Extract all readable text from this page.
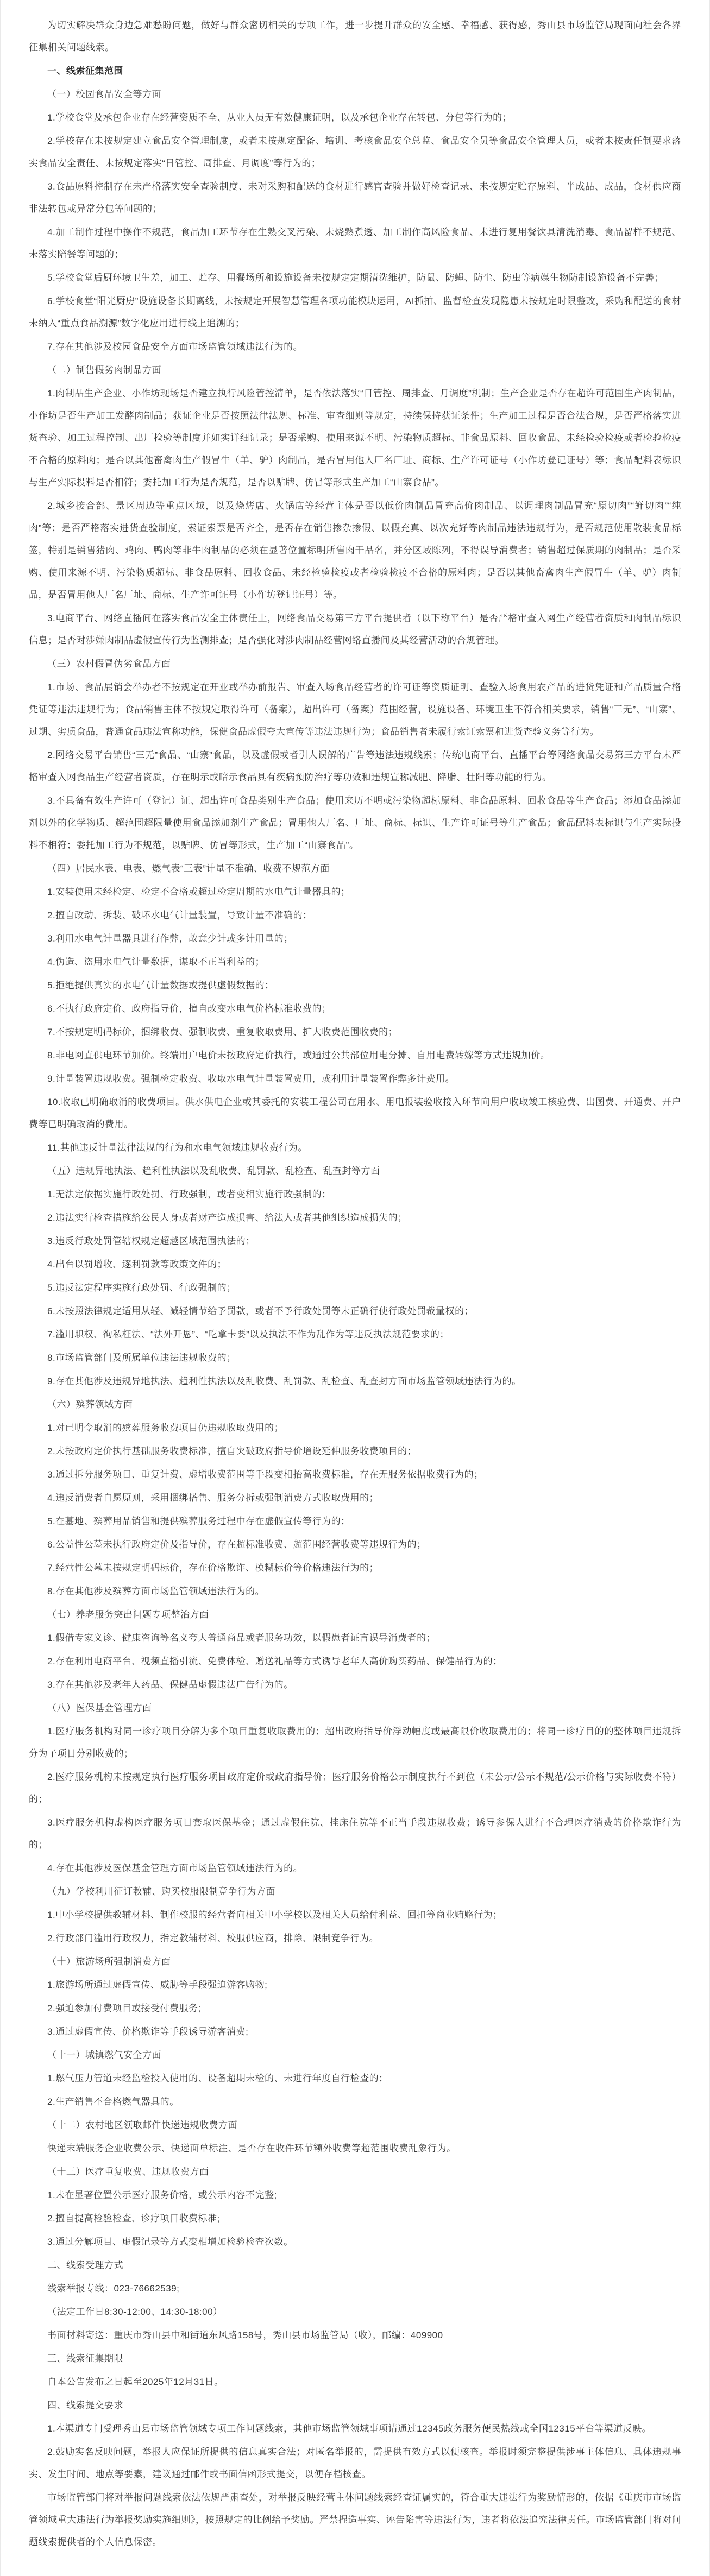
为切实解决群众身边急难愁盼问题，做好与群众密切相关的专项工作，进一步提升群众的安全感、幸福感、获得感，秀山县市场监管局现面向社会各界征集相关问题线索。

一、线索征集范围

（一）校园食品安全等方面

1.学校食堂及承包企业存在经营资质不全、从业人员无有效健康证明，以及承包企业存在转包、分包等行为的；

2.学校存在未按规定建立食品安全管理制度，或者未按规定配备、培训、考核食品安全总监、食品安全员等食品安全管理人员，或者未按责任制要求落实食品安全责任、未按规定落实“日管控、周排查、月调度”等行为的；

3.食品原料控制存在未严格落实安全查验制度、未对采购和配送的食材进行感官查验并做好检查记录、未按规定贮存原料、半成品、成品，食材供应商非法转包或异常分包等问题的；

4.加工制作过程中操作不规范，食品加工环节存在生熟交叉污染、未烧熟煮透、加工制作高风险食品、未进行复用餐饮具清洗消毒、食品留样不规范、未落实陪餐等问题的；

5.学校食堂后厨环境卫生差，加工、贮存、用餐场所和设施设备未按规定定期清洗维护，防鼠、防蝇、防尘、防虫等病媒生物防制设施设备不完善；

6.学校食堂“阳光厨房”设施设备长期离线，未按规定开展智慧管理各项功能模块运用，AI抓拍、监督检查发现隐患未按规定时限整改，采购和配送的食材未纳入“重点食品溯源”数字化应用进行线上追溯的；

7.存在其他涉及校园食品安全方面市场监管领域违法行为的。

（二）制售假劣肉制品方面

1.肉制品生产企业、小作坊现场是否建立执行风险管控清单，是否依法落实“日管控、周排查、月调度”机制；生产企业是否存在超许可范围生产肉制品，小作坊是否生产加工发酵肉制品；获证企业是否按照法律法规、标准、审查细则等规定，持续保持获证条件；生产加工过程是否合法合规，是否严格落实进货查验、加工过程控制、出厂检验等制度并如实详细记录；是否采购、使用来源不明、污染物质超标、非食品原料、回收食品、未经检验检疫或者检验检疫不合格的原料肉；是否以其他畜禽肉生产假冒牛（羊、驴）肉制品，是否冒用他人厂名厂址、商标、生产许可证号（小作坊登记证号）等；食品配料表标识与生产实际投料是否相符；委托加工行为是否规范，是否以贴牌、仿冒等形式生产加工“山寨食品”。

2.城乡接合部、景区周边等重点区域，以及烧烤店、火锅店等经营主体是否以低价肉制品冒充高价肉制品、以调理肉制品冒充“原切肉”“鲜切肉”“纯肉”等；是否严格落实进货查验制度，索证索票是否齐全，是否存在销售掺杂掺假、以假充真、以次充好等肉制品违法违规行为，是否规范使用散装食品标签，特别是销售猪肉、鸡肉、鸭肉等非牛肉制品的必须在显著位置标明所售肉干品名，并分区域陈列，不得误导消费者；销售超过保质期的肉制品；是否采购、使用来源不明、污染物质超标、非食品原料、回收食品、未经检验检疫或者检验检疫不合格的原料肉；是否以其他畜禽肉生产假冒牛（羊、驴）肉制品，是否冒用他人厂名厂址、商标、生产许可证号（小作坊登记证号）等。

3.电商平台、网络直播间在落实食品安全主体责任上，网络食品交易第三方平台提供者（以下称平台）是否严格审查入网生产经营者资质和肉制品标识信息；是否对涉嫌肉制品虚假宣传行为监测排查；是否强化对涉肉制品经营网络直播间及其经营活动的合规管理。

（三）农村假冒伪劣食品方面

1.市场、食品展销会举办者不按规定在开业或举办前报告、审查入场食品经营者的许可证等资质证明、查验入场食用农产品的进货凭证和产品质量合格凭证等违法违规行为；食品销售主体不按规定取得许可（备案），超出许可（备案）范围经营，设施设备、环境卫生不符合相关要求，销售“三无”、“山寨”、过期、劣质食品，普通食品违法宣称功能，保健食品虚假夸大宣传等违法违规行为；食品销售者未履行索证索票和进货查验义务等行为。

2.网络交易平台销售“三无”食品、“山寨”食品，以及虚假或者引人误解的广告等违法违规线索；传统电商平台、直播平台等网络食品交易第三方平台未严格审查入网食品生产经营者资质，存在明示或暗示食品具有疾病预防治疗等功效和违规宣称减肥、降脂、壮阳等功能的行为。

3.不具备有效生产许可（登记）证、超出许可食品类别生产食品；使用来历不明或污染物超标原料、非食品原料、回收食品等生产食品；添加食品添加剂以外的化学物质、超范围超限量使用食品添加剂生产食品；冒用他人厂名、厂址、商标、标识、生产许可证号等生产食品；食品配料表标识与生产实际投料不相符；委托加工行为不规范，以贴牌、仿冒等形式，生产加工“山寨食品”。

（四）居民水表、电表、燃气表“三表”计量不准确、收费不规范方面

1.安装使用未经检定、检定不合格或超过检定周期的水电气计量器具的；

2.擅自改动、拆装、破坏水电气计量装置，导致计量不准确的；

3.利用水电气计量器具进行作弊，故意少计或多计用量的；

4.伪造、盗用水电气计量数据，谋取不正当利益的；

5.拒绝提供真实的水电气计量数据或提供虚假数据的；

6.不执行政府定价、政府指导价，擅自改变水电气价格标准收费的；

7.不按规定明码标价，捆绑收费、强制收费、重复收取费用、扩大收费范围收费的；

8.非电网直供电环节加价。终端用户电价未按政府定价执行，或通过公共部位用电分摊、自用电费转嫁等方式违规加价。

9.计量装置违规收费。强制检定收费、收取水电气计量装置费用，或利用计量装置作弊多计费用。

10.收取已明确取消的收费项目。供水供电企业或其委托的安装工程公司在用水、用电报装验收接入环节向用户收取竣工核验费、出图费、开通费、开户费等已明确取消的费用。

11.其他违反计量法律法规的行为和水电气领域违规收费行为。

（五）违规异地执法、趋利性执法以及乱收费、乱罚款、乱检查、乱查封等方面

1.无法定依据实施行政处罚、行政强制，或者变相实施行政强制的；

2.违法实行检查措施给公民人身或者财产造成损害、给法人或者其他组织造成损失的；

3.违反行政处罚管辖权规定超越区域范围执法的；

4.出台以罚增收、逐利罚款等政策文件的；

5.违反法定程序实施行政处罚、行政强制的；

6.未按照法律规定适用从轻、减轻情节给予罚款，或者不予行政处罚等未正确行使行政处罚裁量权的；

7.滥用职权、徇私枉法、“法外开恩”、“吃拿卡要”以及执法不作为乱作为等违反执法规范要求的；

8.市场监管部门及所属单位违法违规收费的；

9.存在其他涉及违规异地执法、趋利性执法以及乱收费、乱罚款、乱检查、乱查封方面市场监管领域违法行为的。

（六）殡葬领域方面

1.对已明令取消的殡葬服务收费项目仍违规收取费用的；

2.未按政府定价执行基础服务收费标准，擅自突破政府指导价增设延伸服务收费项目的；

3.通过拆分服务项目、重复计费、虚增收费范围等手段变相抬高收费标准，存在无服务依据收费行为的；

4.违反消费者自愿原则，采用捆绑搭售、服务分拆或强制消费方式收取费用的；

5.在墓地、殡葬用品销售和提供殡葬服务过程中存在虚假宣传等行为的；

6.公益性公墓未执行政府定价及指导价，存在超标准收费、超范围经营收费等违规行为的；

7.经营性公墓未按规定明码标价，存在价格欺诈、模糊标价等价格违法行为的；

8.存在其他涉及殡葬方面市场监管领域违法行为的。

（七）养老服务突出问题专项整治方面

1.假借专家义诊、健康咨询等名义夸大普通商品或者服务功效，以假患者证言误导消费者的；

2.存在利用电商平台、视频直播引流、免费体检、赠送礼品等方式诱导老年人高价购买药品、保健品行为的；

3.存在其他涉及老年人药品、保健品虚假违法广告行为的。

（八）医保基金管理方面

1.医疗服务机构对同一诊疗项目分解为多个项目重复收取费用的；超出政府指导价浮动幅度或最高限价收取费用的；将同一诊疗目的的整体项目违规拆分为子项目分别收费的；

2.医疗服务机构未按规定执行医疗服务项目政府定价或政府指导价；医疗服务价格公示制度执行不到位（未公示/公示不规范/公示价格与实际收费不符）的；

3.医疗服务机构虚构医疗服务项目套取医保基金；通过虚假住院、挂床住院等不正当手段违规收费；诱导参保人进行不合理医疗消费的价格欺诈行为的；

4.存在其他涉及医保基金管理方面市场监管领域违法行为的。

（九）学校利用征订教辅、购买校服限制竞争行为方面

1.中小学校提供教辅材料、制作校服的经营者向相关中小学校以及相关人员给付利益、回扣等商业贿赂行为；

2.行政部门滥用行政权力，指定教辅材料、校服供应商，排除、限制竞争行为。

（十）旅游场所强制消费方面

1.旅游场所通过虚假宣传、威胁等手段强迫游客购物;

2.强迫参加付费项目或接受付费服务;

3.通过虚假宣传、价格欺诈等手段诱导游客消费;

（十一）城镇燃气安全方面

1.燃气压力管道未经监检投入使用的、设备超期未检的、未进行年度自行检查的；

2.生产销售不合格燃气器具的。

（十二）农村地区领取邮件快递违规收费方面

快递末端服务企业收费公示、快递面单标注、是否存在收件环节额外收费等超范围收费乱象行为。

（十三）医疗重复收费、违规收费方面

1.未在显著位置公示医疗服务价格，或公示内容不完整;

2.擅自提高检验检查、诊疗项目收费标准;

3.通过分解项目、虚假记录等方式变相增加检验检查次数。

二、线索受理方式

线索举报专线：023-76662539;

（法定工作日8:30-12:00、14:30-18:00）

书面材料寄送：重庆市秀山县中和街道东风路158号，秀山县市场监管局（收），邮编：409900

三、线索征集期限

自本公告发布之日起至2025年12月31日。

四、线索提交要求

1.本渠道专门受理秀山县市场监管领域专项工作问题线索，其他市场监管领域事项请通过12345政务服务便民热线或全国12315平台等渠道反映。

2.鼓励实名反映问题，举报人应保证所提供的信息真实合法；对匿名举报的，需提供有效方式以便核查。举报时须完整提供涉事主体信息、具体违规事实、发生时间、地点等要素，建议通过邮件或书面信函形式提交，以便存档核查。

市场监管部门将对举报问题线索依法依规严肃查处，对举报反映经营主体问题线索经查证属实的，符合重大违法行为奖励情形的，依据《重庆市市场监管领域重大违法行为举报奖励实施细则》，按照规定的比例给予奖励。严禁捏造事实、诬告陷害等违法行为，违者将依法追究法律责任。市场监管部门将对问题线索提供者的个人信息保密。
